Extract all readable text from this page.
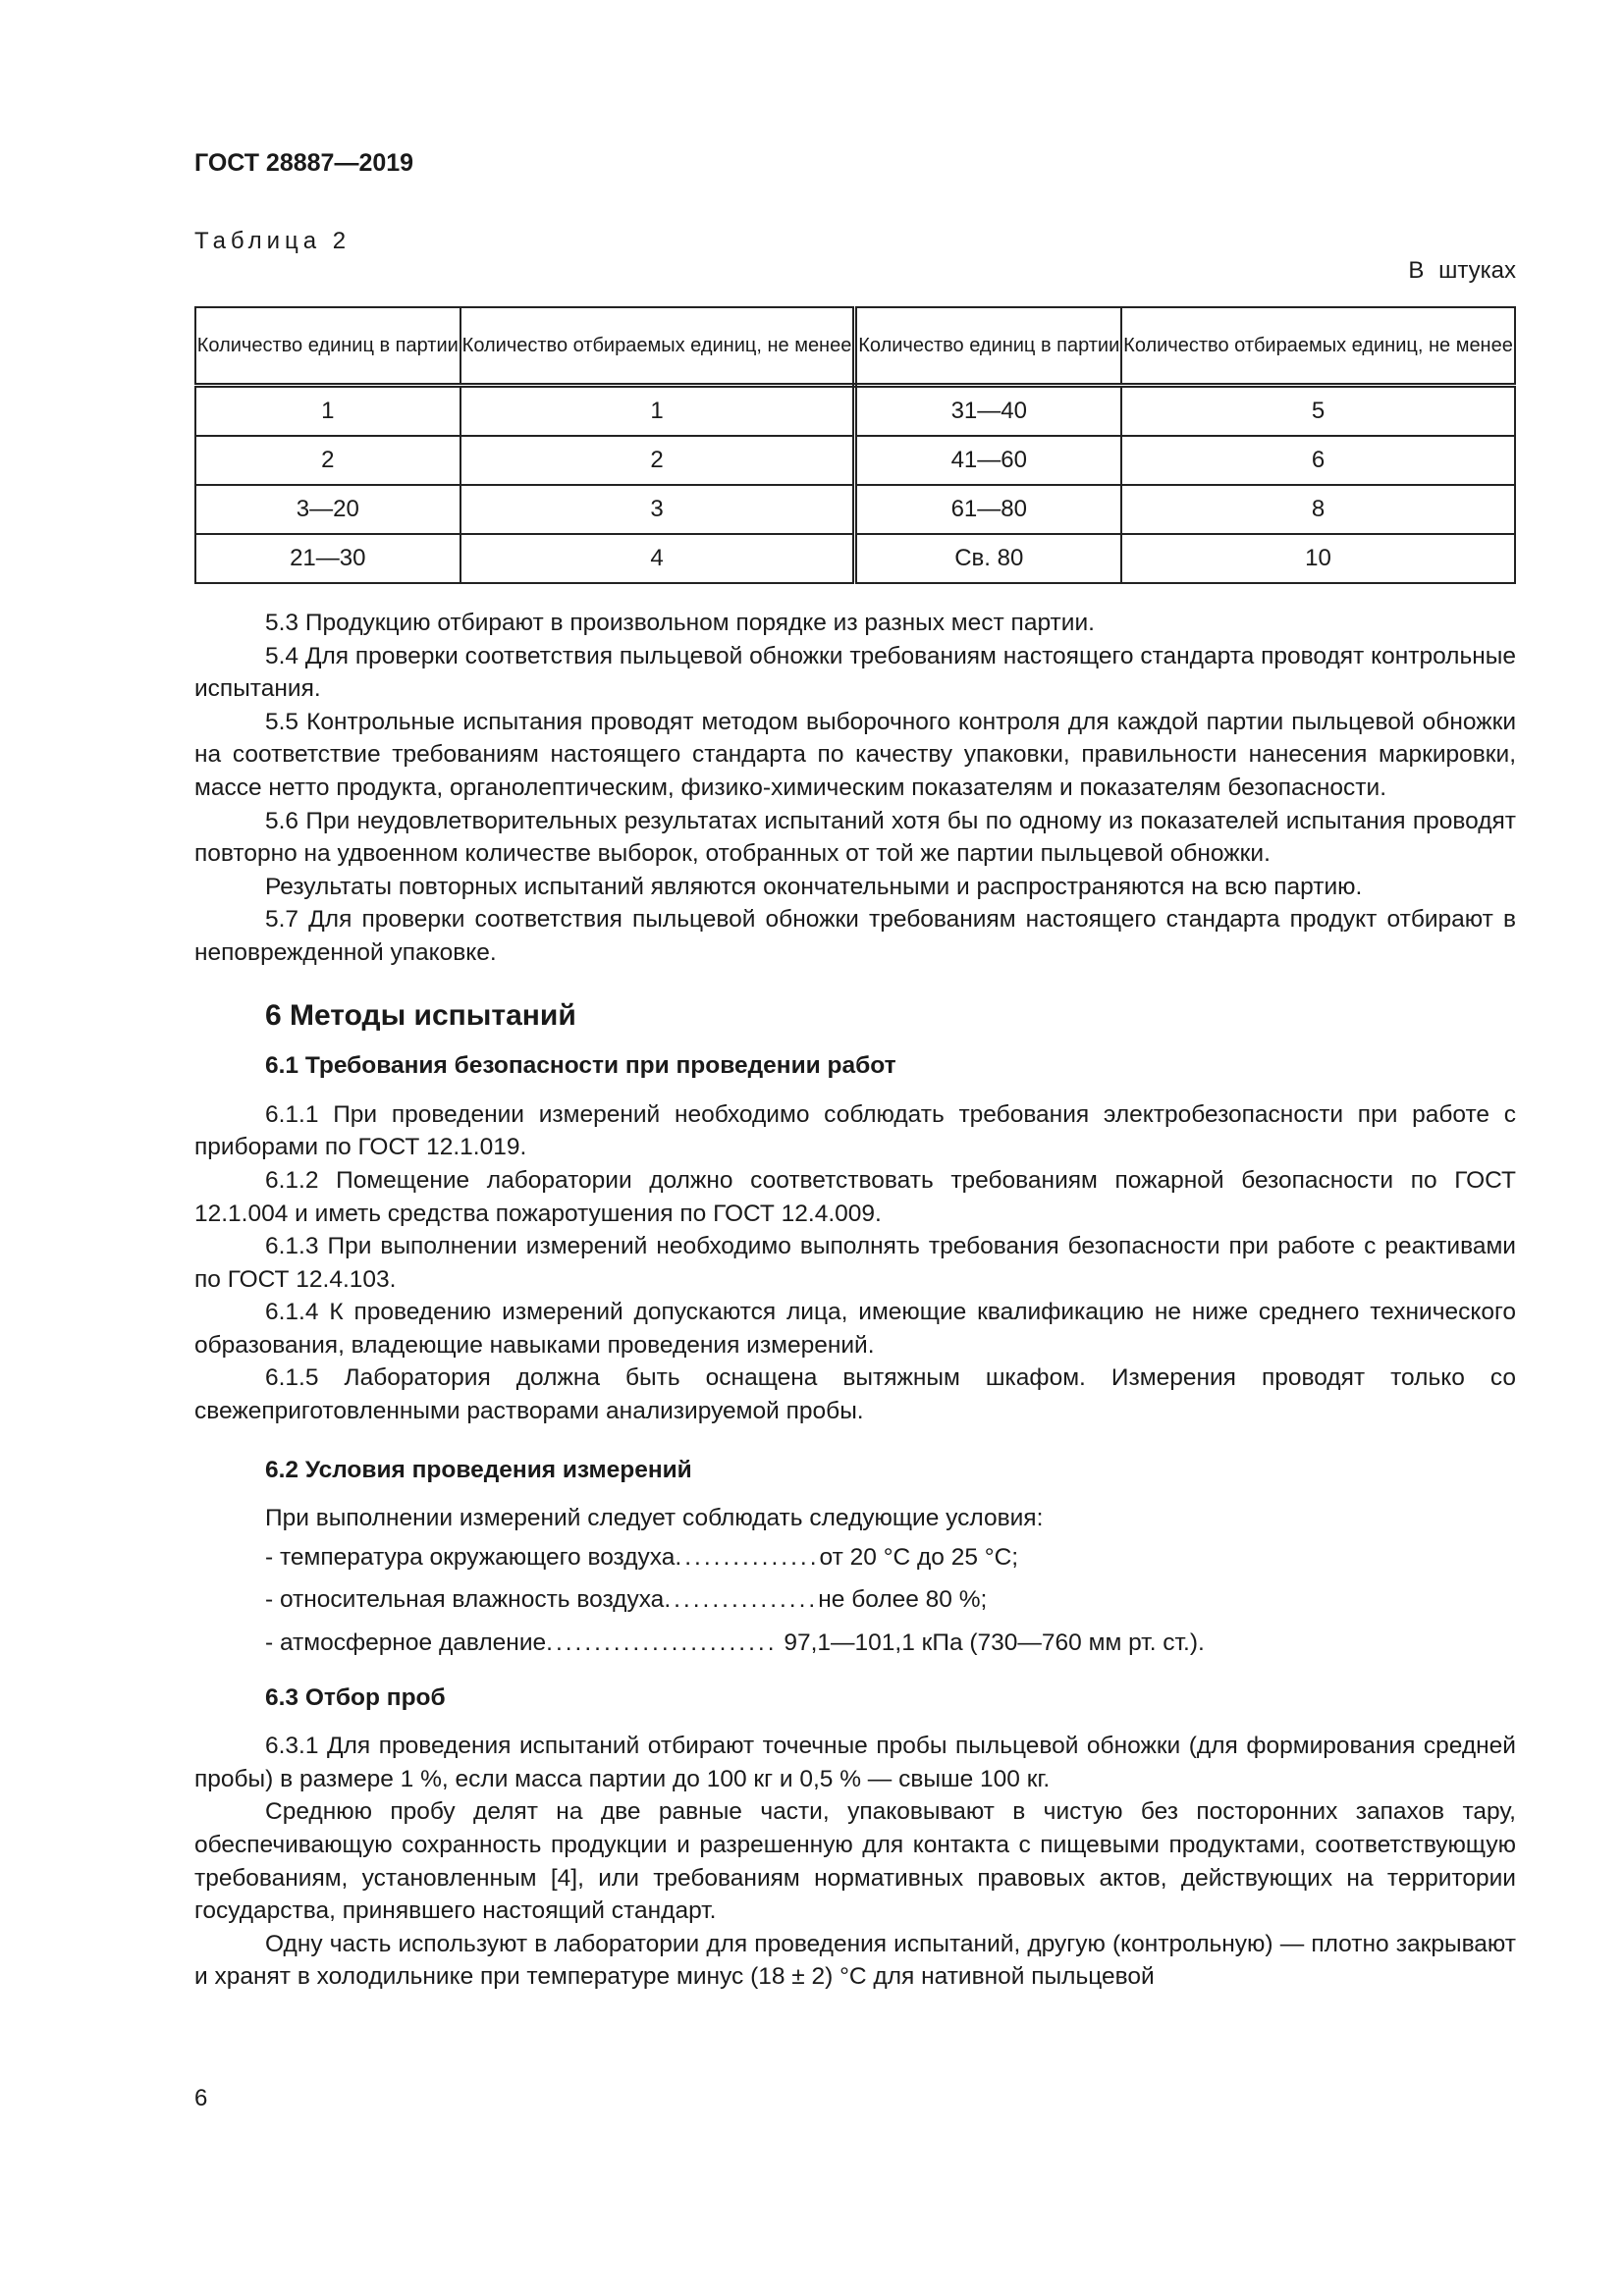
ГОСТ 28887—2019
Таблица 2
В штуках
Количество единиц в партии	Количество отбираемых единиц, не менее	Количество единиц в партии	Количество отбираемых единиц, не менее
1	1	31—40	5
2	2	41—60	6
3—20	3	61—80	8
21—30	4	Св. 80	10

5.3 Продукцию отбирают в произвольном порядке из разных мест партии.

5.4 Для проверки соответствия пыльцевой обножки требованиям настоящего стандарта проводят контрольные испытания.

5.5 Контрольные испытания проводят методом выборочного контроля для каждой партии пыльцевой обножки на соответствие требованиям настоящего стандарта по качеству упаковки, правильности нанесения маркировки, массе нетто продукта, органолептическим, физико-химическим показателям и показателям безопасности.

5.6 При неудовлетворительных результатах испытаний хотя бы по одному из показателей испытания проводят повторно на удвоенном количестве выборок, отобранных от той же партии пыльцевой обножки.

Результаты повторных испытаний являются окончательными и распространяются на всю партию.

5.7 Для проверки соответствия пыльцевой обножки требованиям настоящего стандарта продукт отбирают в неповрежденной упаковке.

6 Методы испытаний
6.1 Требования безопасности при проведении работ

6.1.1 При проведении измерений необходимо соблюдать требования электробезопасности при работе с приборами по ГОСТ 12.1.019.

6.1.2 Помещение лаборатории должно соответствовать требованиям пожарной безопасности по ГОСТ 12.1.004 и иметь средства пожаротушения по ГОСТ 12.4.009.

6.1.3 При выполнении измерений необходимо выполнять требования безопасности при работе с реактивами по ГОСТ 12.4.103.

6.1.4 К проведению измерений допускаются лица, имеющие квалификацию не ниже среднего технического образования, владеющие навыками проведения измерений.

6.1.5 Лаборатория должна быть оснащена вытяжным шкафом. Измерения проводят только со свежеприготовленными растворами анализируемой пробы.

6.2 Условия проведения измерений

При выполнении измерений следует соблюдать следующие условия:

- температура окружающего воздуха ............... от 20 °С до 25 °С;
- относительная влажность воздуха ................ не более 80 %;
- атмосферное давление ........................ 97,1—101,1 кПа (730—760 мм рт. ст.).
6.3 Отбор проб

6.3.1 Для проведения испытаний отбирают точечные пробы пыльцевой обножки (для формирования средней пробы) в размере 1 %, если масса партии до 100 кг и 0,5 % — свыше 100 кг.

Среднюю пробу делят на две равные части, упаковывают в чистую без посторонних запахов тару, обеспечивающую сохранность продукции и разрешенную для контакта с пищевыми продуктами, соответствующую требованиям, установленным [4], или требованиям нормативных правовых актов, действующих на территории государства, принявшего настоящий стандарт.

Одну часть используют в лаборатории для проведения испытаний, другую (контрольную) — плотно закрывают и хранят в холодильнике при температуре минус (18 ± 2) °С для нативной пыльцевой

6
